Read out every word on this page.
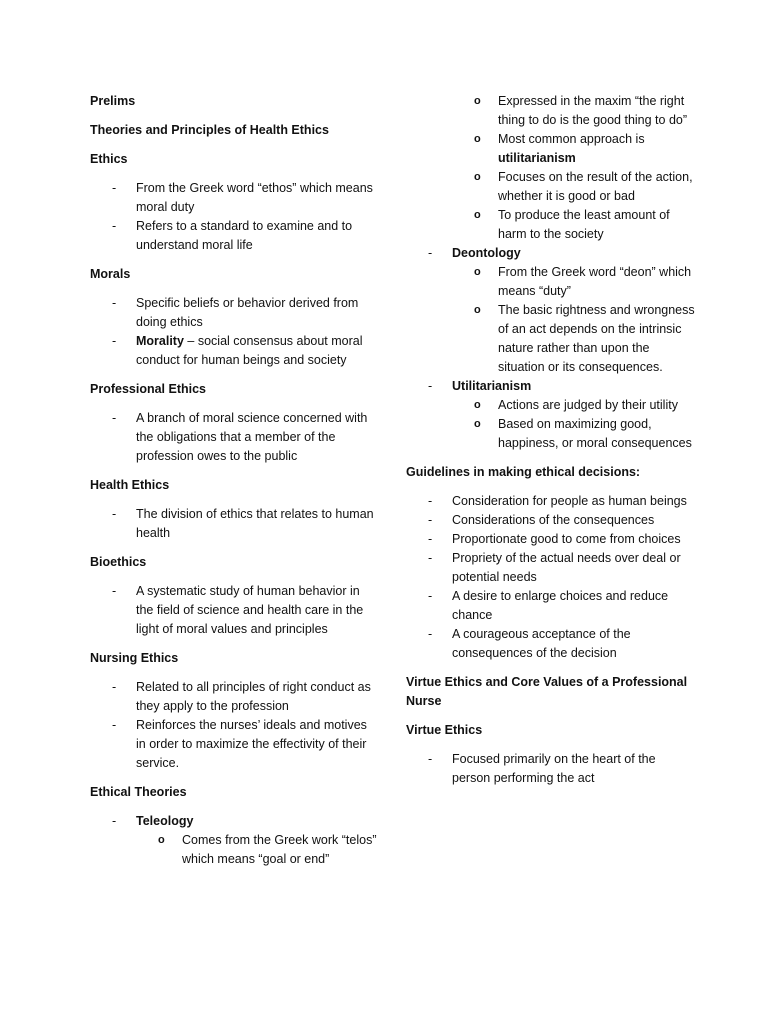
Prelims
Theories and Principles of Health Ethics
Ethics
- From the Greek word “ethos” which means moral duty
- Refers to a standard to examine and to understand moral life
Morals
- Specific beliefs or behavior derived from doing ethics
- Morality – social consensus about moral conduct for human beings and society
Professional Ethics
- A branch of moral science concerned with the obligations that a member of the profession owes to the public
Health Ethics
- The division of ethics that relates to human health
Bioethics
- A systematic study of human behavior in the field of science and health care in the light of moral values and principles
Nursing Ethics
- Related to all principles of right conduct as they apply to the profession
- Reinforces the nurses’ ideals and motives in order to maximize the effectivity of their service.
Ethical Theories
- Teleology
o Comes from the Greek work “telos” which means “goal or end”
o Expressed in the maxim “the right thing to do is the good thing to do”
o Most common approach is utilitarianism
o Focuses on the result of the action, whether it is good or bad
o To produce the least amount of harm to the society
- Deontology
o From the Greek word “deon” which means “duty”
o The basic rightness and wrongness of an act depends on the intrinsic nature rather than upon the situation or its consequences.
- Utilitarianism
o Actions are judged by their utility
o Based on maximizing good, happiness, or moral consequences
Guidelines in making ethical decisions:
- Consideration for people as human beings
- Considerations of the consequences
- Proportionate good to come from choices
- Propriety of the actual needs over deal or potential needs
- A desire to enlarge choices and reduce chance
- A courageous acceptance of the consequences of the decision
Virtue Ethics and Core Values of a Professional Nurse
Virtue Ethics
- Focused primarily on the heart of the person performing the act
